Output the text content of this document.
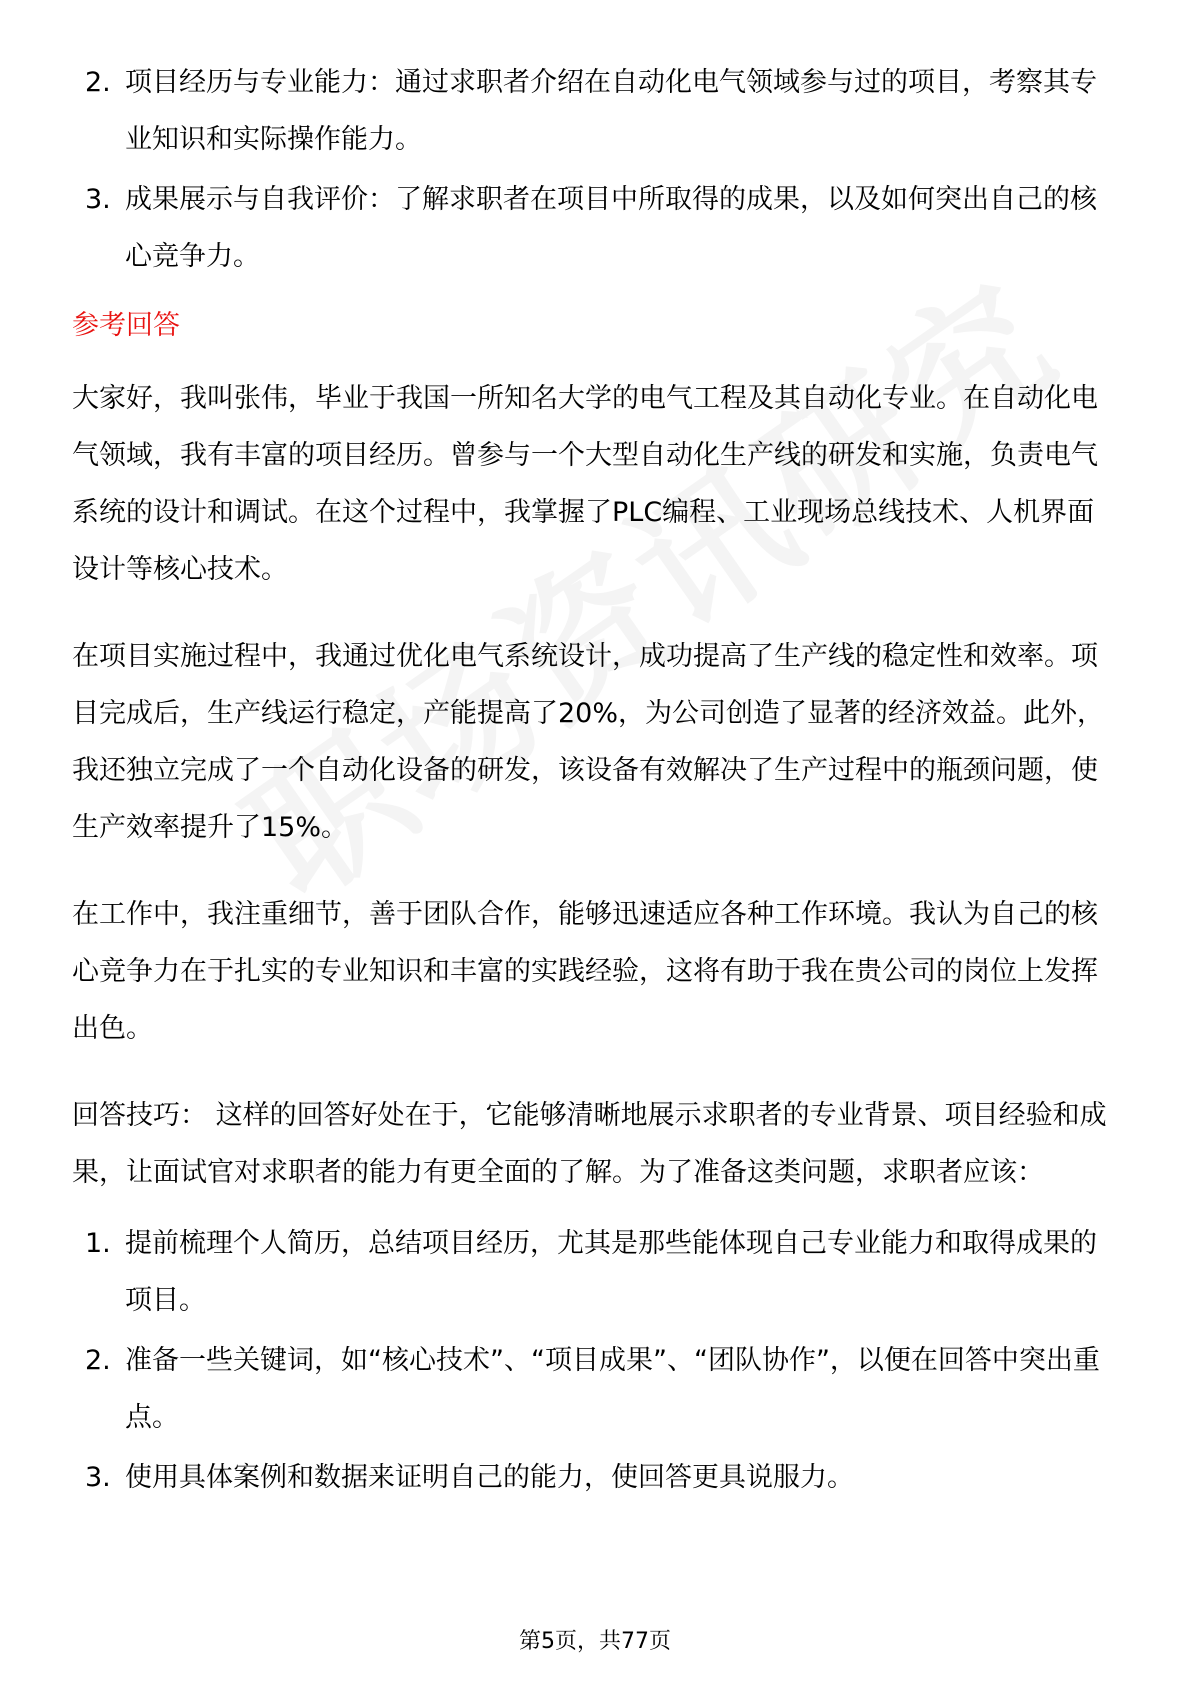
2. 项目经历与专业能力：通过求职者介绍在自动化电气领域参与过的项目，考察其专业知识和实际操作能力。
3. 成果展示与自我评价：了解求职者在项目中所取得的成果，以及如何突出自己的核心竞争力。
参考回答

大家好，我叫张伟，毕业于我国一所知名大学的电气工程及其自动化专业。在自动化电气领域，我有丰富的项目经历。曾参与一个大型自动化生产线的研发和实施，负责电气系统的设计和调试。在这个过程中，我掌握了PLC编程、工业现场总线技术、人机界面设计等核心技术。

在项目实施过程中，我通过优化电气系统设计，成功提高了生产线的稳定性和效率。项目完成后，生产线运行稳定，产能提高了20%，为公司创造了显著的经济效益。此外，我还独立完成了一个自动化设备的研发，该设备有效解决了生产过程中的瓶颈问题，使生产效率提升了15%。

在工作中，我注重细节，善于团队合作，能够迅速适应各种工作环境。我认为自己的核心竞争力在于扎实的专业知识和丰富的实践经验，这将有助于我在贵公司的岗位上发挥出色。

回答技巧： 这样的回答好处在于，它能够清晰地展示求职者的专业背景、项目经验和成果，让面试官对求职者的能力有更全面的了解。为了准备这类问题，求职者应该：

1. 提前梳理个人简历，总结项目经历，尤其是那些能体现自己专业能力和取得成果的项目。
2. 准备一些关键词，如“核心技术”、“项目成果”、“团队协作”，以便在回答中突出重点。
3. 使用具体案例和数据来证明自己的能力，使回答更具说服力。
第5页，共77页
